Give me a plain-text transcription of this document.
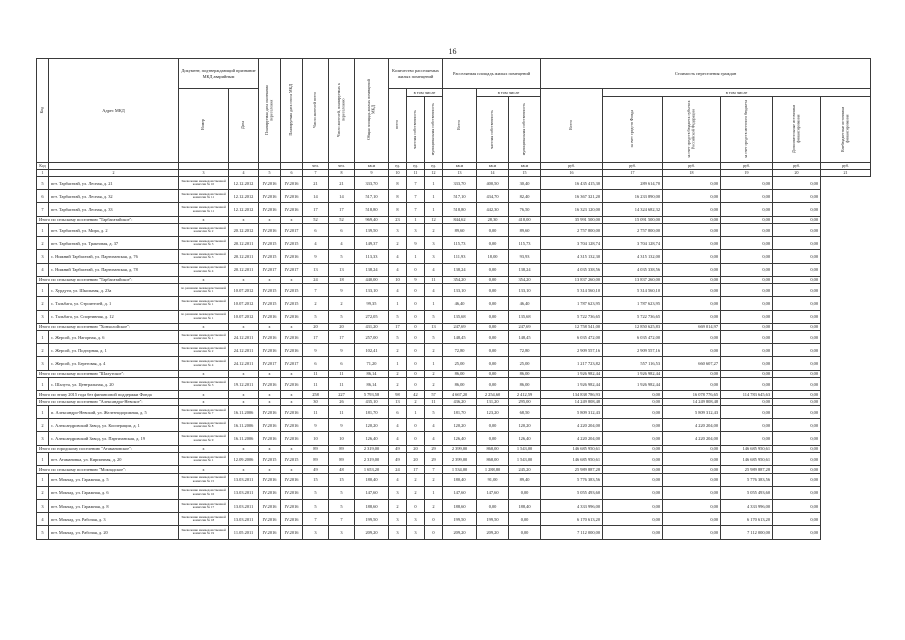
16
Код	Адрес МКД	Документ, подтверждающий признание МКД аварийным		Планируемая дата окончания переселения	Планируемая дата сноса МКД	Число жителей всего	Число жителей, планируемых к переселению	Общая площадь жилых помещений МКД	Количество расселяемых жилых помещений			Расселяемая площадь жилых помещений			Стоимость переселения граждан					
		Номер	Дата						всего	в том числе		Всего	в том числе		Всего	в том числе				
										частная собственность	муниципальная собственность		частная собственность	муниципальная собственность		за счет средств Фонда	за счет средств бюджета субъекта Российской Федерации	за счет средств местного бюджета	Дополнительные источники финансирования	Внебюджетные источники финансирования
Код						чел.	чел.	кв.м	ед.	ед.	ед.	кв.м	кв.м	кв.м	руб.	руб.	руб.	руб.	руб.	руб.
1	2	3	4	5	6	7	8	9	10	11	12	13	14	15	16	17	18	19	20	21
5	пгт. Тарбагатай, ул. Лесная, д. 21	Заключение межведомственной комиссии № 10	12.12.2012	IV.2016	IV.2016	21	21	333,70	8	7	1	333,70	400,50	30,40	16 435 415,30	289 614,70	0,00	0,00	0,00	
6	пгт. Тарбагатай, ул. Лесная, д. 32	Заключение межведомственной комиссии № 11	12.12.2012	IV.2016	IV.2016	14	14	517,10	8	7	1	517,10	434,70	82,40	16 367 321,20	16 233 890,00	0,00	0,00	0,00	
7	пгт. Тарбагатай, ул. Лесная, д. 33	Заключение межведомственной комиссии № 11	12.12.2012	IV.2016	IV.2016	17	17	518,80	8	7	1	518,80	442,30	76,50	16 323 120,00	14 324 682,32	0,00	0,00	0,00	
Итого по сельскому поселению "Тарбагатайское":		x	x	x	x	52	52	969,40	23	1	12	844,62	28,30	418,00	35 991 500,00	15 091 500,00	0,00	0,00	0,00	
1	пгт. Тарбагатай, ул. Мира, д. 2	Заключение межведомственной комиссии № 2	20.12.2012	IV.2016	IV.2017	6	6	139,50	3	3	2	89,60	0,00	89,60	2 757 800,00	2 757 800,00	0,00	0,00	0,00	
2	пгт. Тарбагатай, ул. Трактовая, д. 37	Заключение межведомственной комиссии № 3	20.12.2011	IV.2015	IV.2015	4	4	149,37	2	9	3	115,73	0,00	115,73	3 704 128,74	3 704 128,74	0,00	0,00	0,00	
3	с. Нижний Тарбагатай, ул. Партизанская, д. 76	Заключение межведомственной комиссии № 3	20.12.2011	IV.2015	IV.2016	9	5	113,33	4	1	3	111,93	18,00	93,93	4 315 132,30	4 315 132,00	0,00	0,00	0,00	
4	с. Нижний Тарбагатай, ул. Партизанская, д. 78	Заключение межведомственной комиссии № 4	20.12.2011	IV.2017	IV.2017	13	13	138,24	4	0	4	138,24	0,00	138,24	4 035 338,56	4 035 338,56	0,00	0,00	0,00	
Итого по сельскому поселению "Тарбагатайское":		x	x	x	x	24	18	440,00	10	9	11	354,20	0,00	354,20	13 837 260,00	13 837 260,00	0,00	0,00	0,00	
1	с. Хурдуги, ул. Школьная, д. 23а	по решению межведомственной комиссии № 1	10.07.2012	IV.2015	IV.2015	7	9	133,10	4	0	4	133,10	0,00	133,10	5 314 560,10	5 314 560,10	0,00	0,00	0,00	
2	с. Тальбага, ул. Строителей, д. 1	Заключение межведомственной комиссии № 1	10.07.2012	IV.2015	IV.2015	2	2	99,35	1	0	1	46,40	0,00	46,40	1 787 623,95	1 787 623,95	0,00	0,00	0,00	
3	с. Тальбага, ул. Спортивная, д. 12	по решению межведомственной комиссии № 1	10.07.2012	IV.2016	IV.2016	5	5	272,05	5	0	5	135,68	0,00	135,68	5 722 736,65	5 722 736,65	0,00	0,00	0,00	
Итого по сельскому поселению "Хонхолойское":		x	x	x	x	20	20	431,20	17	0	13	247,69	0,00	247,69	12 758 541,00	12 850 625,83	669 014,97	0,00	0,00	
1	с. Жерсой, ул. Нагорная, д. 6	Заключение межведомственной комиссии № 1	24.12.2011	IV.2016	IV.2016	17	17	257,00	5	0	5	148,45	0,00	148,45	6 035 472,00	6 035 472,00	0,00	0,00	0,00	
2	с. Жерсой, ул. Подгорная, д. 1	Заключение межведомственной комиссии № 2	24.12.2011	IV.2016	IV.2016	9	9	102,41	2	0	2	72,80	0,00	72,80	2 909 557,16	2 909 557,16	0,00	0,00	0,00	
3	с. Жерсой, ул. Береговая, д. 4	Заключение межведомственной комиссии № 4	24.12.2011	IV.2017	IV.2017	6	6	71,20	1	0	1	25,00	0,00	25,00	1 217 723,82	557 116,53	660 607,27	0,00	0,00	
Итого по сельскому поселению "Шалутское":		x	x	x	x	11	11	86,14	2	0	2	86,00	0,00	86,00	1 926 982,44	1 926 982,44	0,00	0,00	0,00	
1	с. Шалута, ул. Центральная, д. 20	Заключение межведомственной комиссии № 3	19.12.2011	IV.2016	IV.2016	11	11	86,14	2	0	2	86,00	0,00	86,00	1 926 982,44	1 926 982,44	0,00	0,00	0,00	
Итого по этапу 2015 года без финансовой поддержки Фонда		x	x	x	x	258	227	5 793,58	98	42	57	4 667,20	2 254,60	2 412,59	134 838 786,93	0,00	16 078 776,65	114 783 645,63	0,00	
Итого по сельскому поселению "Александро-Невское":		x	x	x	x	30	26	435,10	13	2	11	436,20	131,20	295,00	14 249 808,48	0,00	14 249 808,48	0,00	0,00	
1	п. Александро-Невский, ул. Железнодорожная, д. 5	Заключение межведомственной комиссии № 7	16.11.2006	IV.2016	IV.2016	11	11	181,70	6	1	5	181,70	123,20	68,50	5 809 312,43	0,00	5 809 312,43	0,00	0,00	
2	с. Александровский Завод, ул. Кооперации, д. 1	Заключение межведомственной комиссии № 8	16.11.2006	IV.2016	IV.2016	9	9	120,20	4	0	4	120,20	0,00	120,20	4 220 204,00	0,00	4 220 204,00	0,00	0,00	
3	с. Александровский Завод, ул. Партизанская, д. 19	Заключение межведомственной комиссии № 9	16.11.2006	IV.2016	IV.2016	10	10	126,40	4	0	4	126,40	0,00	126,40	4 220 204,00	0,00	4 220 204,00	0,00	0,00	
Итого по городскому поселению "Атамановское":		x	x	x	x	89	89	2 319,00	49	20	29	2 399,00	868,00	1 543,00	146 685 950,61	0,00	0,00	146 685 950,61	0,00	
1	пгт. Атамановка, ул. Кирпичная, д. 20	Заключение межведомственной комиссии № 1	12.09.2006	IV.2015	IV.2015	89	89	2 319,00	49	20	29	2 399,00	868,00	1 543,00	146 685 950,61	0,00	0,00	146 685 950,61	0,00	
Итого по сельскому поселению "Мокчадское":		x	x	x	x	49	48	1 653,20	24	17	7	1 534,00	1 288,80	245,20	25 989 887,28	0,00	0,00	25 989 887,28	0,00	
1	пгт. Мокчад, ул. Гаражная, д. 5	Заключение межведомственной комиссии № 15	13.03.2011	IV.2016	IV.2016	15	15	180,40	4	2	2	180,40	91,00	89,40	5 776 383,56	0,00	0,00	5 776 383,56	0,00	
2	пгт. Мокчад, ул. Гаражная, д. 6	Заключение межведомственной комиссии № 16	13.03.2011	IV.2016	IV.2016	5	5	147,60	3	2	1	147,60	147,60	0,00	5 055 493,60	0,00	0,00	5 055 493,60	0,00	
3	пгт. Мокчад, ул. Гаражная, д. 8	Заключение межведомственной комиссии № 17	13.03.2011	IV.2016	IV.2016	5	5	188,60	2	0	2	188,60	0,00	188,40	4 333 996,00	0,00	0,00	4 333 996,00	0,00	
4	пгт. Мокчад, ул. Рабочая, д. 3	Заключение межведомственной комиссии № 18	13.03.2011	IV.2016	IV.2016	7	7	199,50	3	3	0	199,50	199,50	0,00	6 170 613,20	0,00	0,00	6 170 613,20	0,00	
5	пгт. Мокчад, ул. Рабочая, д. 20	Заключение межведомственной комиссии № 19	11.05.2011	IV.2016	IV.2016	3	3	209,20	3	3	0	209,20	209,20	0,00	7 112 000,00	0,00	0,00	7 112 000,00	0,00	
